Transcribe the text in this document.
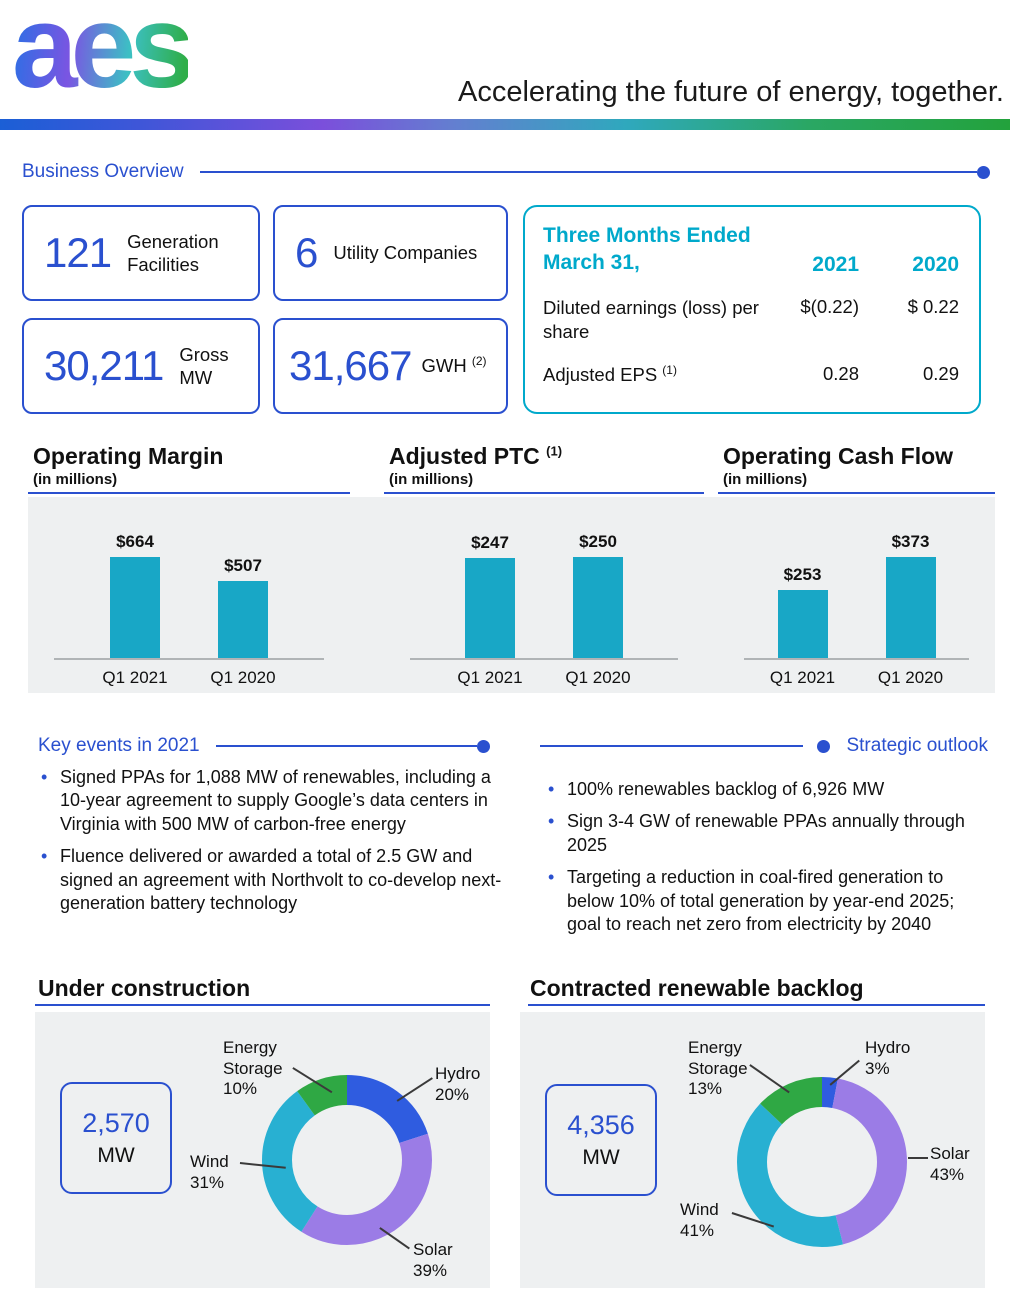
aes	Accelerating the future of energy, together.
Business Overview
121 Generation Facilities	6 Utility Companies
30,211 Gross MW	31,667 GWH $^{(2)}$
Three Months Ended
March 31,	2021	2020
Diluted earnings (loss) per share
$(0.22)	$ 0.22
Adjusted EPS $^{(1)}$	0.28	0.29
Operating Margin
(in millions)
$664
$507
Q1 2021	Q1 2020
Adjusted PTC $^{(1)}$
(in millions)
$247	$250
Q1 2021	Q1 2020
Operating Cash Flow
(in millions)
$253
$373
Q1 2021	Q1 2020
Key events in 2021	Strategic outlook
• Signed PPAs for 1,088 MW of renewables, including a 10-year agreement to supply Google’s data centers in Virginia with 500 MW of carbon-free energy
• Fluence delivered or awarded a total of 2.5 GW and signed an agreement with Northvolt to co-develop next-generation battery technology
• 100% renewables backlog of 6,926 MW
• Sign 3-4 GW of renewable PPAs annually through 2025
• Targeting a reduction in coal-fired generation to below 10% of total generation by year-end 2025; goal to reach net zero from electricity by 2040
Under construction	Contracted renewable backlog
2,570
MW
Energy Storage
10%
Hydro
20%
Wind
31%
Solar
39%
4,356
MW
Energy Storage
13%
Hydro
3%
Solar
43%
Wind
41%
